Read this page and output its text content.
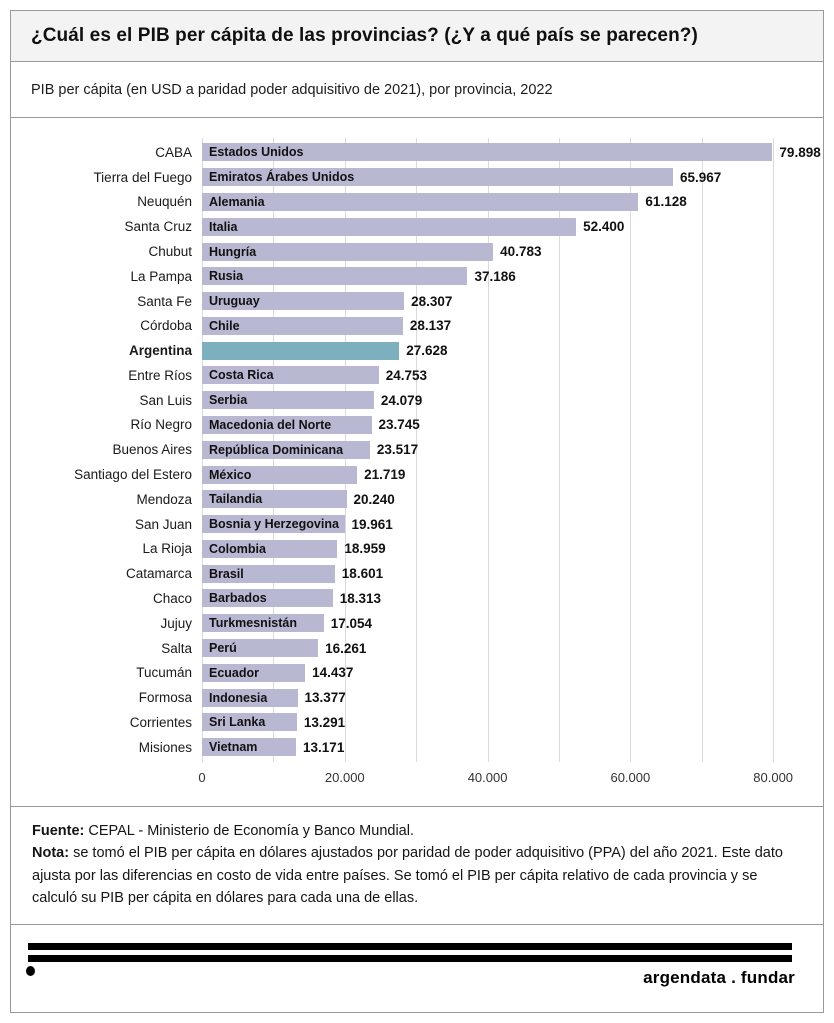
¿Cuál es el PIB per cápita de las provincias? (¿Y a qué país se parecen?)
PIB per cápita (en USD a paridad poder adquisitivo de 2021), por provincia, 2022
CABA	Estados Unidos	79.898
Tierra del Fuego	Emiratos Árabes Unidos	65.967
Neuquén	Alemania	61.128
Santa Cruz	Italia	52.400
Chubut	Hungría	40.783
La Pampa	Rusia	37.186
Santa Fe	Uruguay	28.307
Córdoba	Chile	28.137
Argentina	27.628
Entre Ríos	Costa Rica	24.753
San Luis	Serbia	24.079
Río Negro	Macedonia del Norte	23.745
Buenos Aires	República Dominicana	23.517
Santiago del Estero	México	21.719
Mendoza	Tailandia	20.240
San Juan	Bosnia y Herzegovina 19.961
La Rioja	Colombia	18.959
Catamarca	Brasil	18.601
Chaco	Barbados	18.313
Jujuy	Turkmesnistán	17.054
Salta	Perú	16.261
Tucumán	Ecuador	14.437
Formosa	Indonesia	13.377
Corrientes	Sri Lanka	13.291
Misiones	Vietnam	13.171
0	20.000	40.000	60.000	80.000

Fuente: CEPAL - Ministerio de Economía y Banco Mundial.

Nota: se tomó el PIB per cápita en dólares ajustados por paridad de poder adquisitivo (PPA) del año 2021. Este dato ajusta por las diferencias en costo de vida entre países. Se tomó el PIB per cápita relativo de cada provincia y se calculó su PIB per cápita en dólares para cada una de ellas.

argendata . fundar
